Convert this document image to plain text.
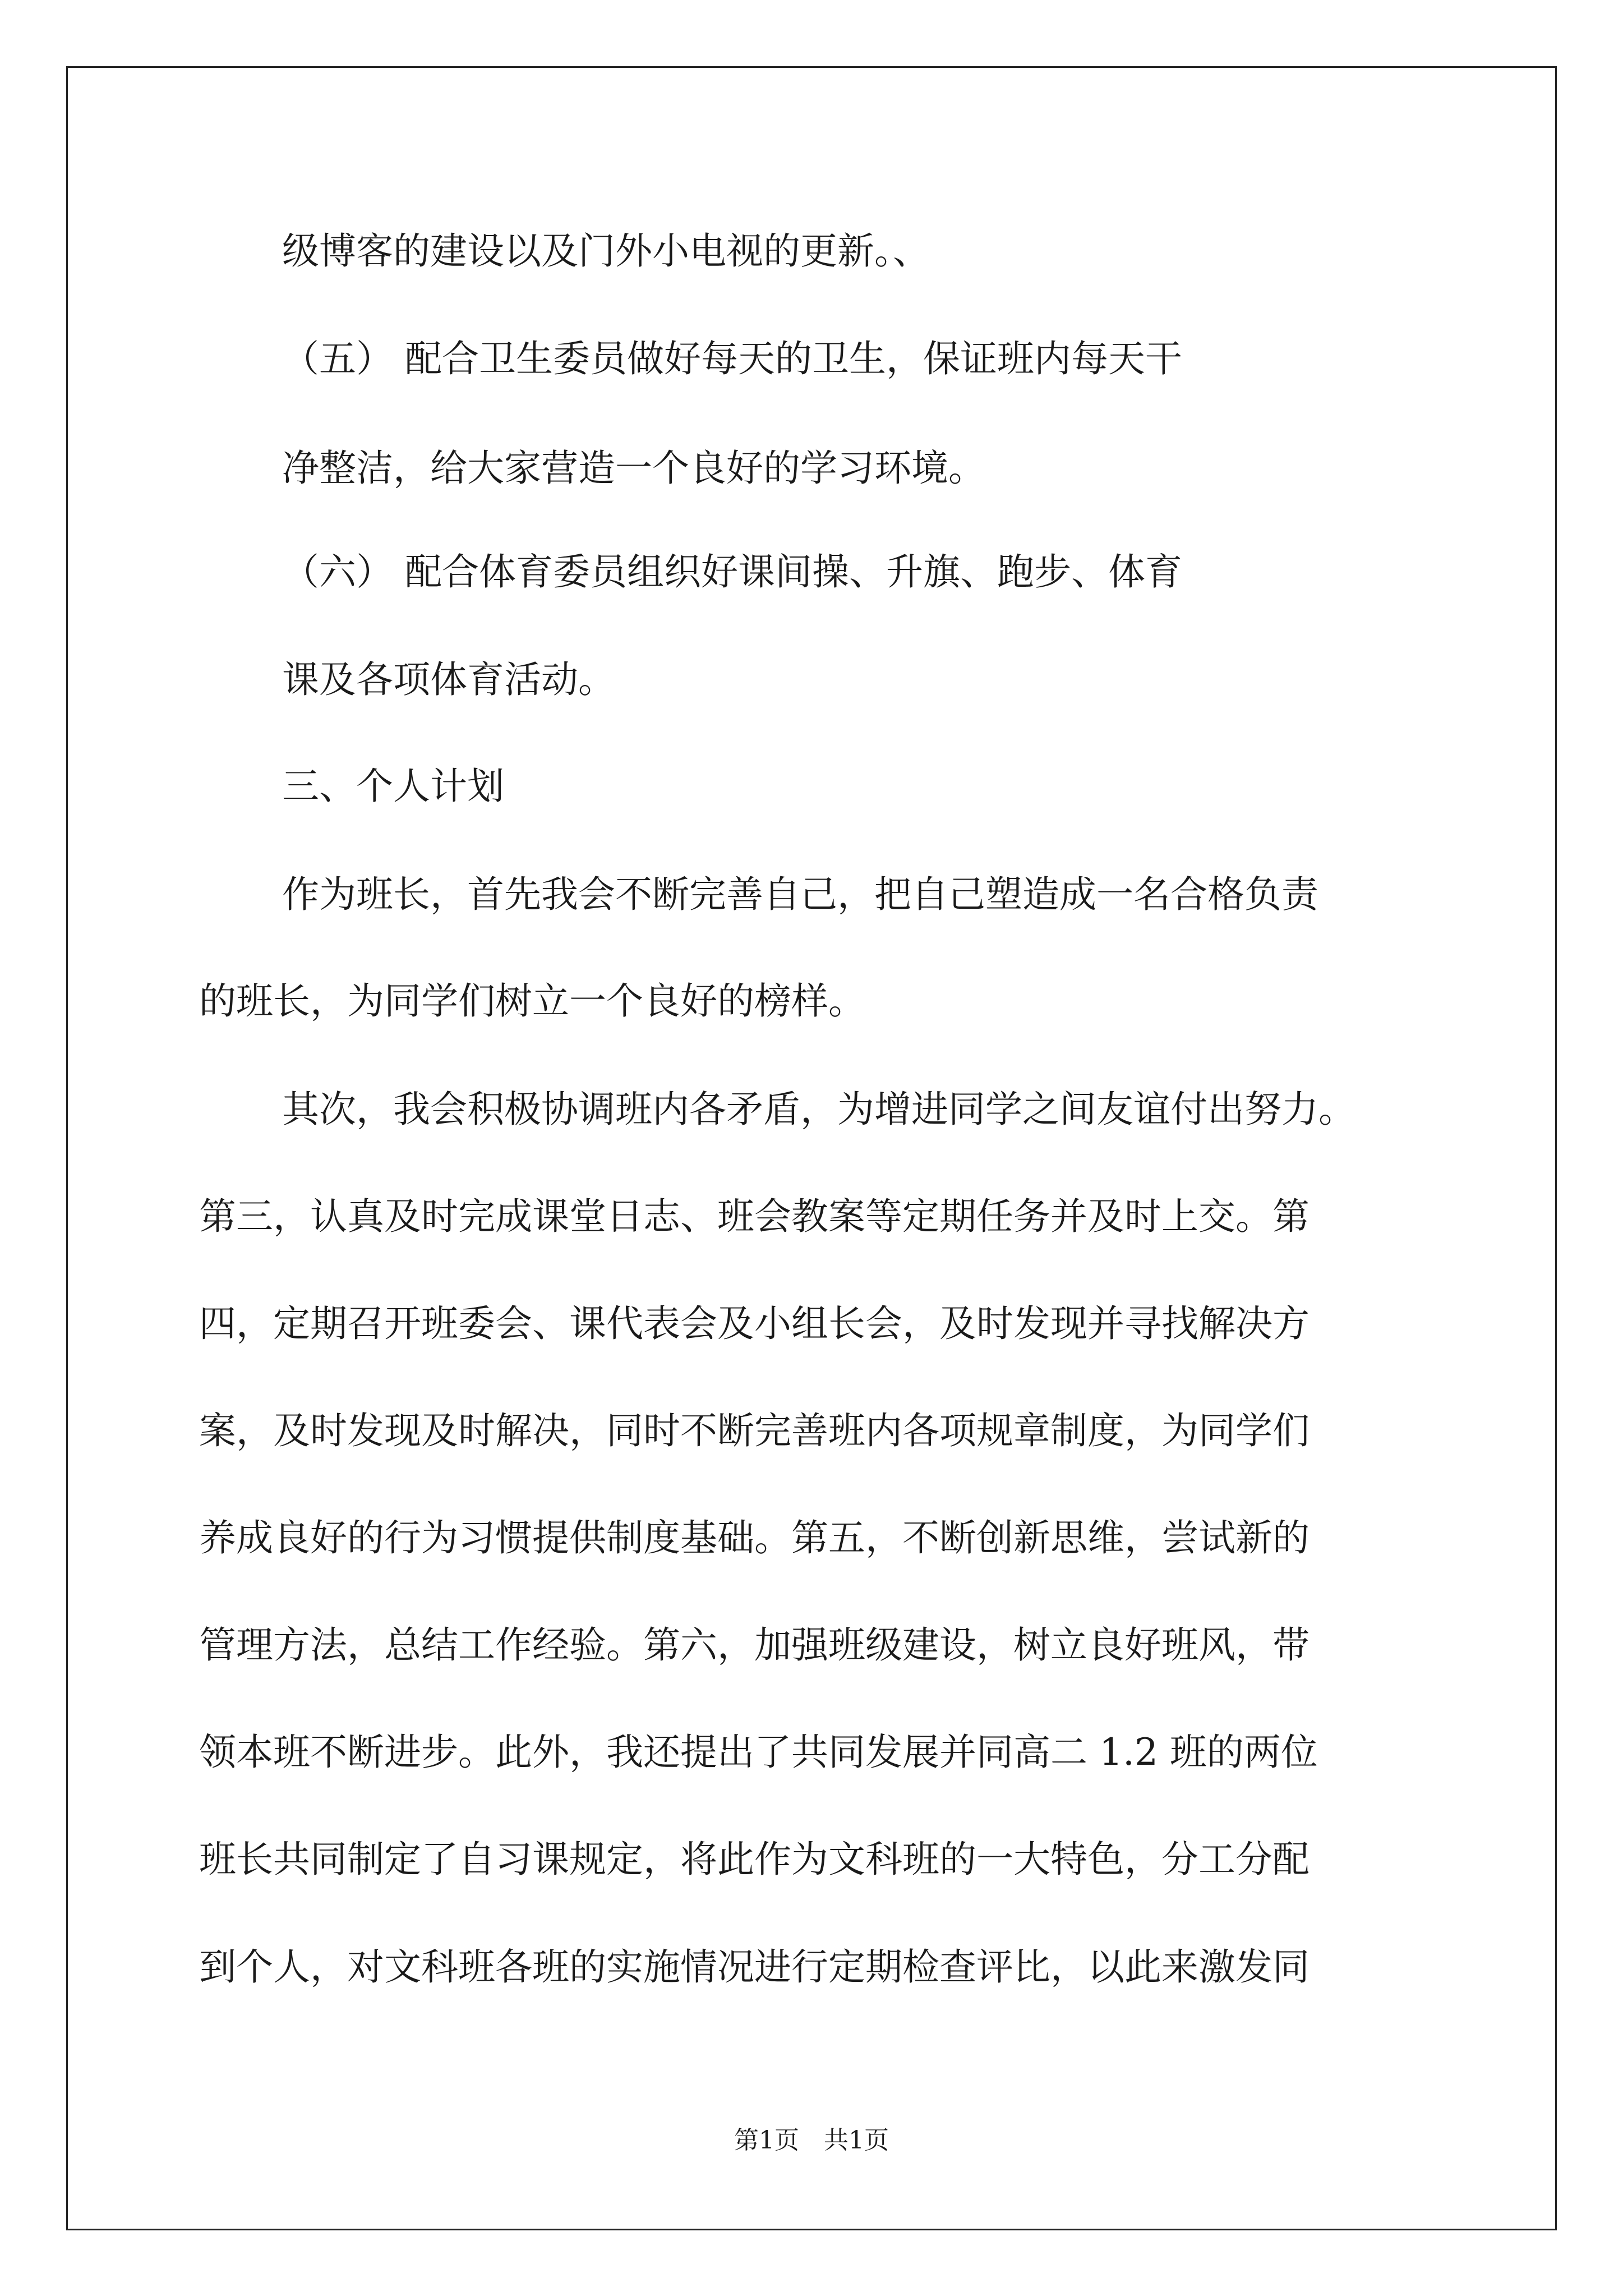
级博客的建设以及门外小电视的更新。、
（五） 配合卫生委员做好每天的卫生，保证班内每天干
净整洁，给大家营造一个良好的学习环境。
（六） 配合体育委员组织好课间操、升旗、跑步、体育
课及各项体育活动。
三、个人计划
作为班长，首先我会不断完善自己，把自己塑造成一名合格负责
的班长，为同学们树立一个良好的榜样。
其次，我会积极协调班内各矛盾，为增进同学之间友谊付出努力。
第三，认真及时完成课堂日志、班会教案等定期任务并及时上交。第
四，定期召开班委会、课代表会及小组长会，及时发现并寻找解决方
案，及时发现及时解决，同时不断完善班内各项规章制度，为同学们
养成良好的行为习惯提供制度基础。第五，不断创新思维，尝试新的
管理方法，总结工作经验。第六，加强班级建设，树立良好班风，带
领本班不断进步。此外，我还提出了共同发展并同高二 1.2 班的两位
班长共同制定了自习课规定，将此作为文科班的一大特色，分工分配
到个人，对文科班各班的实施情况进行定期检查评比，以此来激发同
第1页　共1页
